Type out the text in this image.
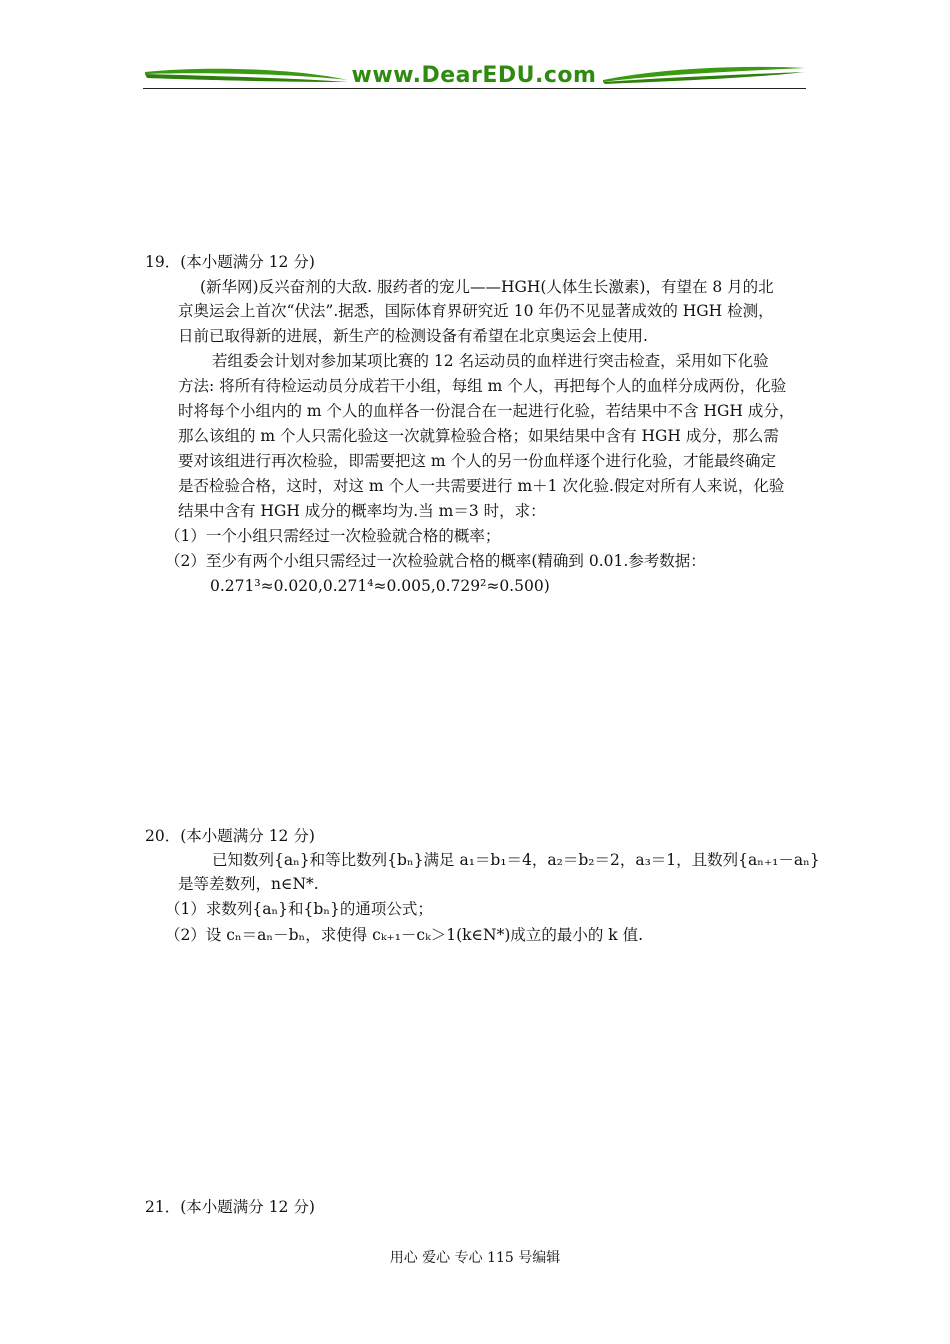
www.DearEDU.com
19．(本小题满分 12 分)
(新华网)反兴奋剂的大敌. 服药者的宠儿——HGH(人体生长激素)，有望在 8 月的北
京奥运会上首次“伏法”.据悉，国际体育界研究近 10 年仍不见显著成效的 HGH 检测，
日前已取得新的进展，新生产的检测设备有希望在北京奥运会上使用.
若组委会计划对参加某项比赛的 12 名运动员的血样进行突击检查，采用如下化验
方法: 将所有待检运动员分成若干小组，每组 m 个人，再把每个人的血样分成两份，化验
时将每个小组内的 m 个人的血样各一份混合在一起进行化验，若结果中不含 HGH 成分，
那么该组的 m 个人只需化验这一次就算检验合格；如果结果中含有 HGH 成分，那么需
要对该组进行再次检验，即需要把这 m 个人的另一份血样逐个进行化验，才能最终确定
是否检验合格，这时，对这 m 个人一共需要进行 m＋1 次化验.假定对所有人来说，化验
结果中含有 HGH 成分的概率均为.当 m＝3 时，求：
（1）一个小组只需经过一次检验就合格的概率；
（2）至少有两个小组只需经过一次检验就合格的概率(精确到 0.01.参考数据：
0.271³≈0.020,0.271⁴≈0.005,0.729²≈0.500)
20．(本小题满分 12 分)
已知数列{aₙ}和等比数列{bₙ}满足 a₁＝b₁＝4，a₂＝b₂＝2，a₃＝1，且数列{aₙ₊₁－aₙ}
是等差数列，n∈N*.
（1）求数列{aₙ}和{bₙ}的通项公式；
（2）设 cₙ＝aₙ－bₙ，求使得 cₖ₊₁－cₖ＞1(k∈N*)成立的最小的 k 值.
21．(本小题满分 12 分)
用心 爱心 专心 115 号编辑
